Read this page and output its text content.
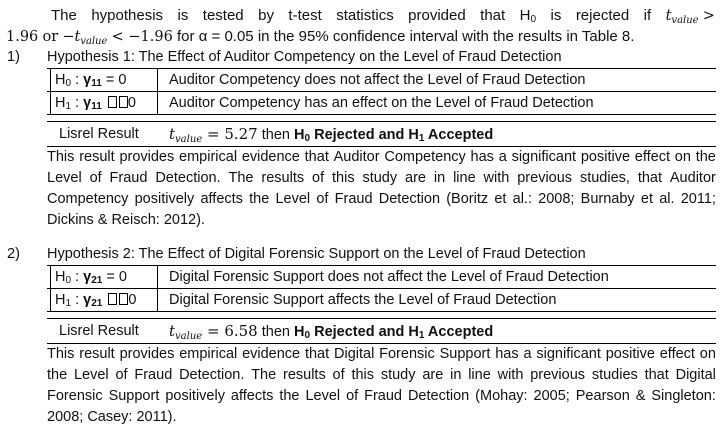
The hypothesis is tested by t-test statistics provided that $H_0$ is rejected if $t_{value}$ >
1.96 or $-t_{value} < -1.96$ for α = 0.05 in the 95% confidence interval with the results in Table 8.
1) Hypothesis 1: The Effect of Auditor Competency on the Level of Fraud Detection
$H_0$ : $\gamma_{11} = 0$	Auditor Competency does not affect the Level of Fraud Detection
$H_1$ : $\gamma_{11}$ 0	Auditor Competency has an effect on the Level of Fraud Detection
Lisrel Result $t_{value} = 5.27$ then $H_0$ Rejected and $H_1$ Accepted
This result provides empirical evidence that Auditor Competency has a significant positive effect on the
Level of Fraud Detection. The results of this study are in line with previous studies, that Auditor
Competency positively affects the Level of Fraud Detection (Boritz et al.: 2008; Burnaby et al. 2011;
Dickins & Reisch: 2012).
2) Hypothesis 2: The Effect of Digital Forensic Support on the Level of Fraud Detection
$H_0$ : $\gamma_{21} = 0$	Digital Forensic Support does not affect the Level of Fraud Detection
$H_1$ : $\gamma_{21}$ 0	Digital Forensic Support affects the Level of Fraud Detection
Lisrel Result $t_{value} = 6.58$ then $H_0$ Rejected and $H_1$ Accepted
This result provides empirical evidence that Digital Forensic Support has a significant positive effect on
the Level of Fraud Detection. The results of this study are in line with previous studies that Digital
Forensic Support positively affects the Level of Fraud Detection (Mohay: 2005; Pearson & Singleton:
2008; Casey: 2011).
